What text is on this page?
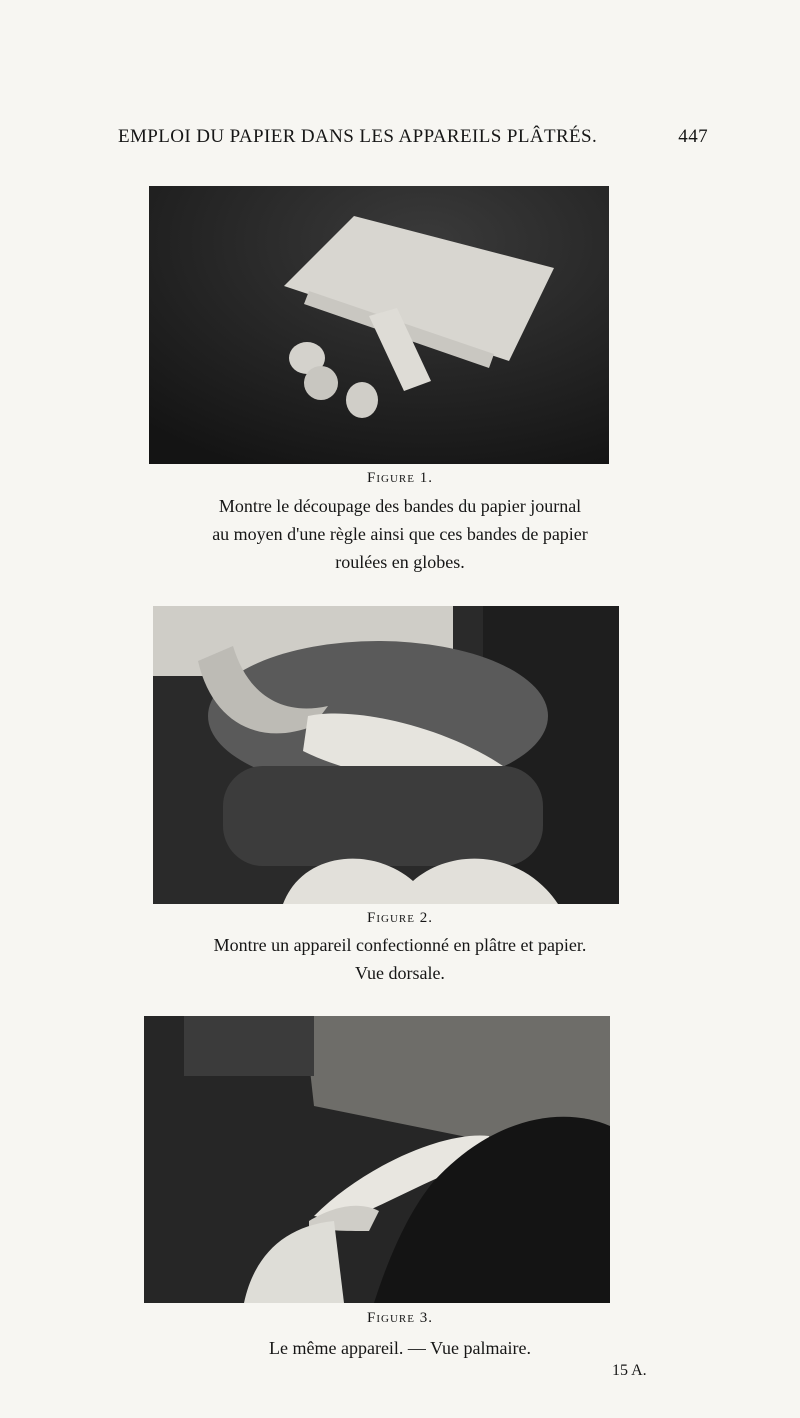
EMPLOI DU PAPIER DANS LES APPAREILS PLÂTRÉS.	447
Figure 1.
Montre le découpage des bandes du papier journal
au moyen d'une règle ainsi que ces bandes de papier
roulées en globes.
Figure 2.
Montre un appareil confectionné en plâtre et papier.
Vue dorsale.
Figure 3.
Le même appareil. — Vue palmaire.
15 A.
